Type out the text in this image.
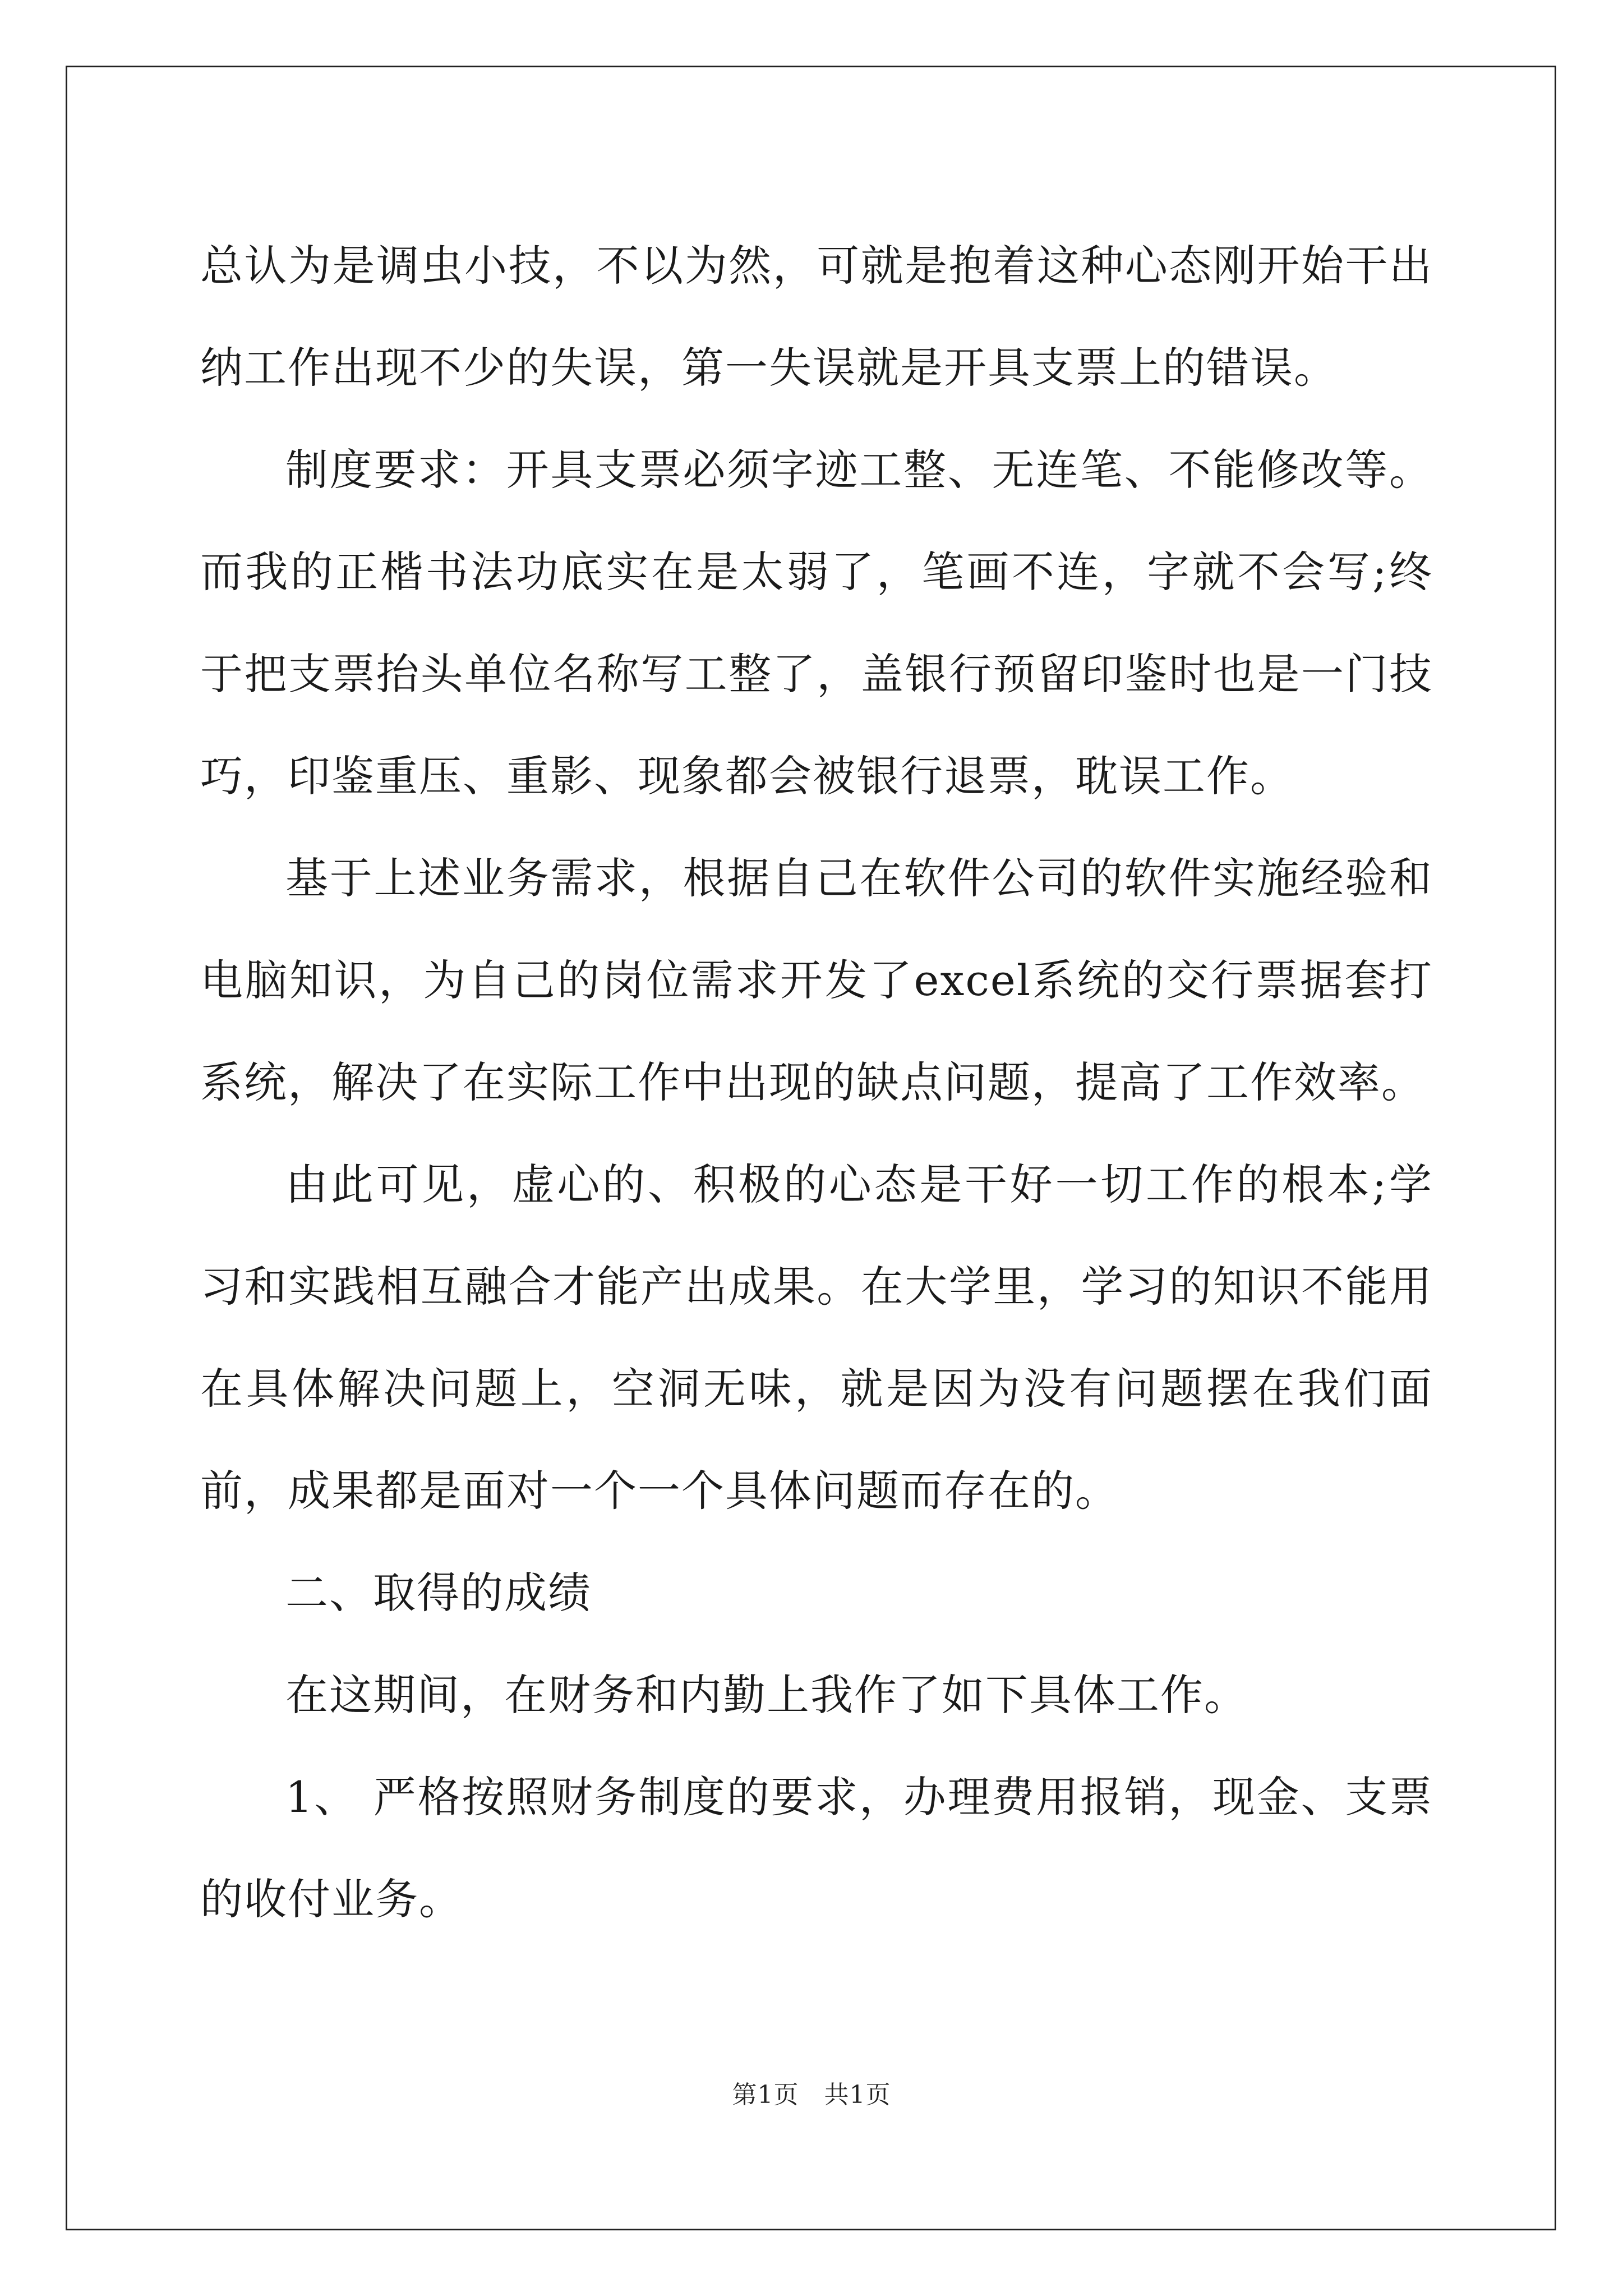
总认为是调虫小技，不以为然，可就是抱着这种心态刚开始干出纳工作出现不少的失误，第一失误就是开具支票上的错误。

制度要求：开具支票必须字迹工整、无连笔、不能修改等。而我的正楷书法功底实在是太弱了，笔画不连，字就不会写;终于把支票抬头单位名称写工整了，盖银行预留印鉴时也是一门技巧，印鉴重压、重影、现象都会被银行退票，耽误工作。

基于上述业务需求，根据自己在软件公司的软件实施经验和电脑知识，为自己的岗位需求开发了excel系统的交行票据套打系统，解决了在实际工作中出现的缺点问题，提高了工作效率。

由此可见，虚心的、积极的心态是干好一切工作的根本;学习和实践相互融合才能产出成果。在大学里，学习的知识不能用在具体解决问题上，空洞无味，就是因为没有问题摆在我们面前，成果都是面对一个一个具体问题而存在的。

二、取得的成绩

在这期间，在财务和内勤上我作了如下具体工作。

1、 严格按照财务制度的要求，办理费用报销，现金、支票的收付业务。

第1页　共1页
